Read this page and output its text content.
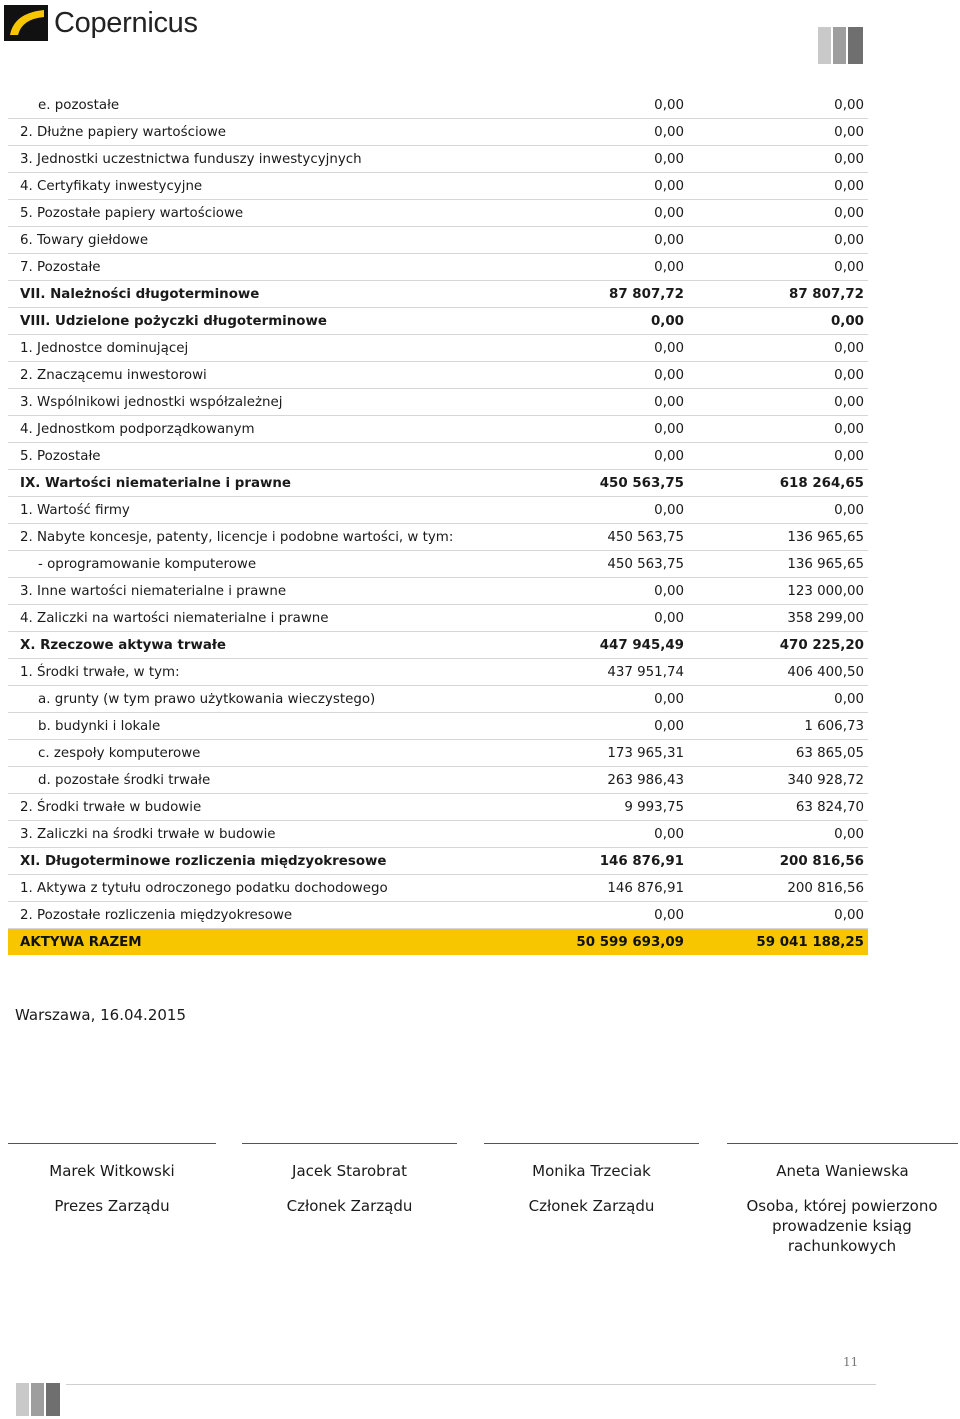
Copernicus
e. pozostałe	0,00	0,00
2. Dłużne papiery wartościowe	0,00	0,00
3. Jednostki uczestnictwa funduszy inwestycyjnych	0,00	0,00
4. Certyfikaty inwestycyjne	0,00	0,00
5. Pozostałe papiery wartościowe	0,00	0,00
6. Towary giełdowe	0,00	0,00
7. Pozostałe	0,00	0,00
VII. Należności długoterminowe	87 807,72	87 807,72
VIII. Udzielone pożyczki długoterminowe	0,00	0,00
1. Jednostce dominującej	0,00	0,00
2. Znaczącemu inwestorowi	0,00	0,00
3. Wspólnikowi jednostki współzależnej	0,00	0,00
4. Jednostkom podporządkowanym	0,00	0,00
5. Pozostałe	0,00	0,00
IX. Wartości niematerialne i prawne	450 563,75	618 264,65
1. Wartość firmy	0,00	0,00
2. Nabyte koncesje, patenty, licencje i podobne wartości, w tym:	450 563,75	136 965,65
- oprogramowanie komputerowe	450 563,75	136 965,65
3. Inne wartości niematerialne i prawne	0,00	123 000,00
4. Zaliczki na wartości niematerialne i prawne	0,00	358 299,00
X. Rzeczowe aktywa trwałe	447 945,49	470 225,20
1. Środki trwałe, w tym:	437 951,74	406 400,50
a. grunty (w tym prawo użytkowania wieczystego)	0,00	0,00
b. budynki i lokale	0,00	1 606,73
c. zespoły komputerowe	173 965,31	63 865,05
d. pozostałe środki trwałe	263 986,43	340 928,72
2. Środki trwałe w budowie	9 993,75	63 824,70
3. Zaliczki na środki trwałe w budowie	0,00	0,00
XI. Długoterminowe rozliczenia międzyokresowe	146 876,91	200 816,56
1. Aktywa z tytułu odroczonego podatku dochodowego	146 876,91	200 816,56
2. Pozostałe rozliczenia międzyokresowe	0,00	0,00
AKTYWA RAZEM	50 599 693,09	59 041 188,25
Warszawa, 16.04.2015
Marek Witkowski
Prezes Zarządu
Jacek Starobrat
Członek Zarządu
Monika Trzeciak
Członek Zarządu
Aneta Waniewska
Osoba, której powierzono prowadzenie ksiąg rachunkowych
11
